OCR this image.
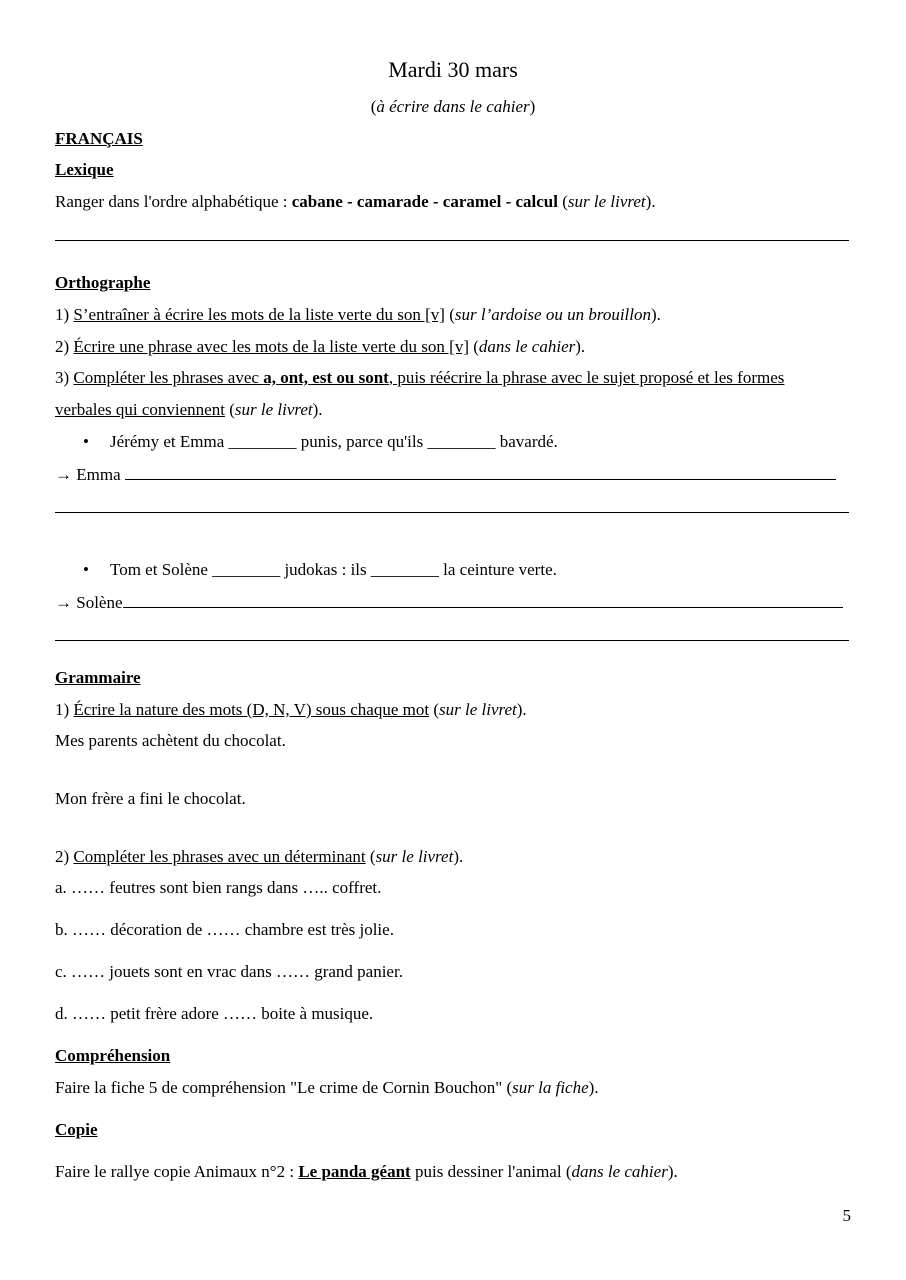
Mardi 30 mars
(à écrire dans le cahier)
FRANÇAIS
Lexique
Ranger dans l'ordre alphabétique : cabane - camarade - caramel - calcul (sur le livret).
Orthographe
1) S’entraîner à écrire les mots de la liste verte du son [v] (sur l’ardoise ou un brouillon).
2) Écrire une phrase avec les mots de la liste verte du son [v] (dans le cahier).
3) Compléter les phrases avec a, ont, est ou sont, puis réécrire la phrase avec le sujet proposé et les formes
verbales qui conviennent (sur le livret).
• Jérémy et Emma ________ punis, parce qu'ils ________ bavardé.
→ Emma
• Tom et Solène ________ judokas : ils ________ la ceinture verte.
→ Solène
Grammaire
1) Écrire la nature des mots (D, N, V) sous chaque mot (sur le livret).
Mes parents achètent du chocolat.
Mon frère a fini le chocolat.
2) Compléter les phrases avec un déterminant (sur le livret).
a. …… feutres sont bien rangs dans ….. coffret.
b. …… décoration de …… chambre est très jolie.
c. …… jouets sont en vrac dans …… grand panier.
d. …… petit frère adore …… boite à musique.
Compréhension
Faire la fiche 5 de compréhension "Le crime de Cornin Bouchon" (sur la fiche).
Copie
Faire le rallye copie Animaux n°2 : Le panda géant puis dessiner l'animal (dans le cahier).
5
